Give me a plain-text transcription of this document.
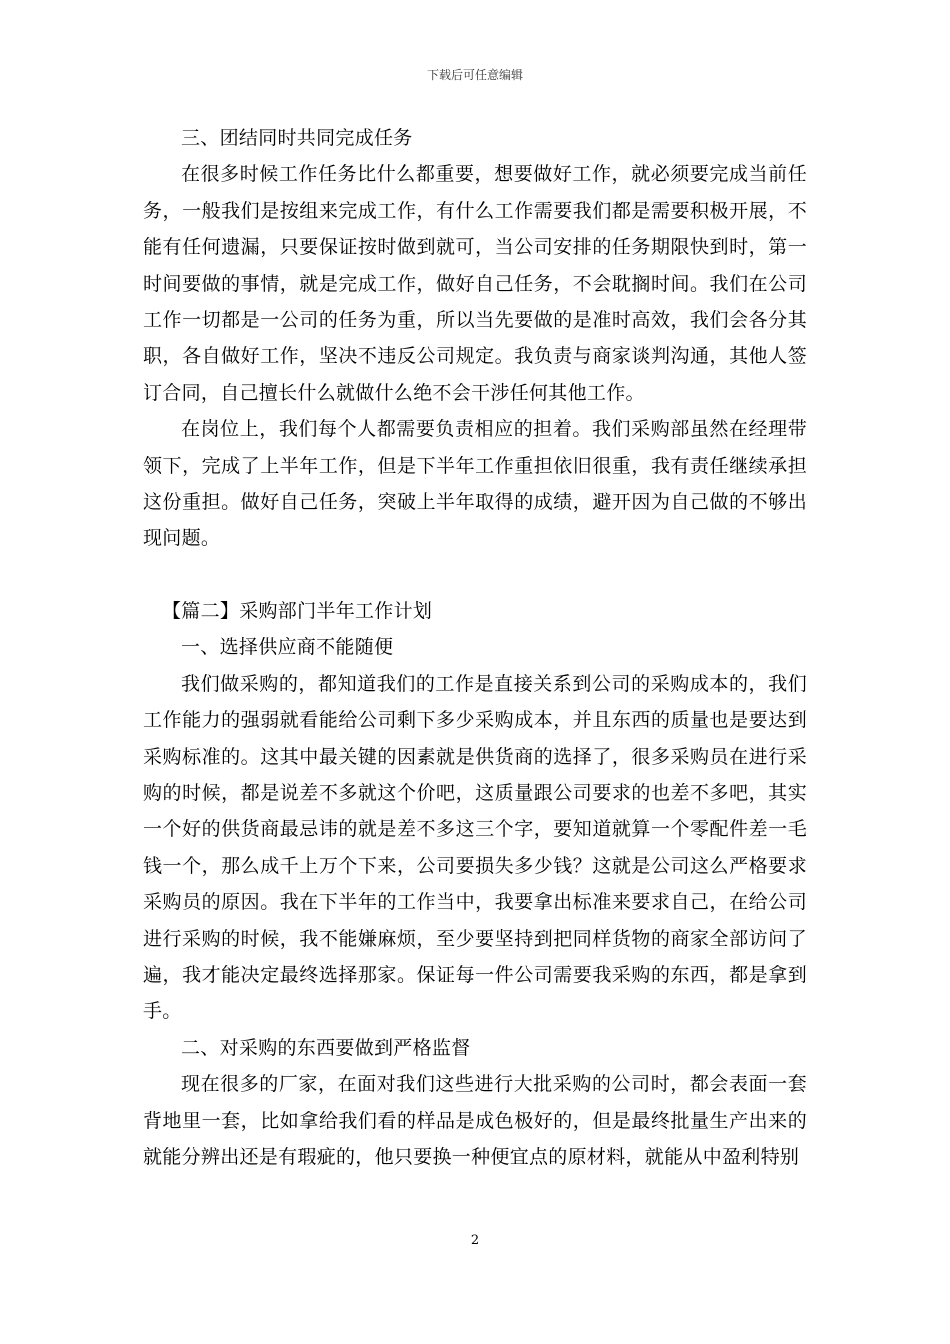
下载后可任意编辑

三、团结同时共同完成任务

在很多时候工作任务比什么都重要，想要做好工作，就必须要完成当前任务，一般我们是按组来完成工作，有什么工作需要我们都是需要积极开展，不能有任何遗漏，只要保证按时做到就可，当公司安排的任务期限快到时，第一时间要做的事情，就是完成工作，做好自己任务，不会耽搁时间。我们在公司工作一切都是一公司的任务为重，所以当先要做的是准时高效，我们会各分其职，各自做好工作，坚决不违反公司规定。我负责与商家谈判沟通，其他人签订合同，自己擅长什么就做什么绝不会干涉任何其他工作。

在岗位上，我们每个人都需要负责相应的担着。我们采购部虽然在经理带领下，完成了上半年工作，但是下半年工作重担依旧很重，我有责任继续承担这份重担。做好自己任务，突破上半年取得的成绩，避开因为自己做的不够出现问题。

【篇二】采购部门半年工作计划

一、选择供应商不能随便

我们做采购的，都知道我们的工作是直接关系到公司的采购成本的，我们工作能力的强弱就看能给公司剩下多少采购成本，并且东西的质量也是要达到采购标准的。这其中最关键的因素就是供货商的选择了，很多采购员在进行采购的时候，都是说差不多就这个价吧，这质量跟公司要求的也差不多吧，其实一个好的供货商最忌讳的就是差不多这三个字，要知道就算一个零配件差一毛钱一个，那么成千上万个下来，公司要损失多少钱？这就是公司这么严格要求采购员的原因。我在下半年的工作当中，我要拿出标准来要求自己，在给公司进行采购的时候，我不能嫌麻烦，至少要坚持到把同样货物的商家全部访问了遍，我才能决定最终选择那家。保证每一件公司需要我采购的东西，都是拿到手。

二、对采购的东西要做到严格监督

现在很多的厂家，在面对我们这些进行大批采购的公司时，都会表面一套背地里一套，比如拿给我们看的样品是成色极好的，但是最终批量生产出来的就能分辨出还是有瑕疵的，他只要换一种便宜点的原材料，就能从中盈利特别

2
